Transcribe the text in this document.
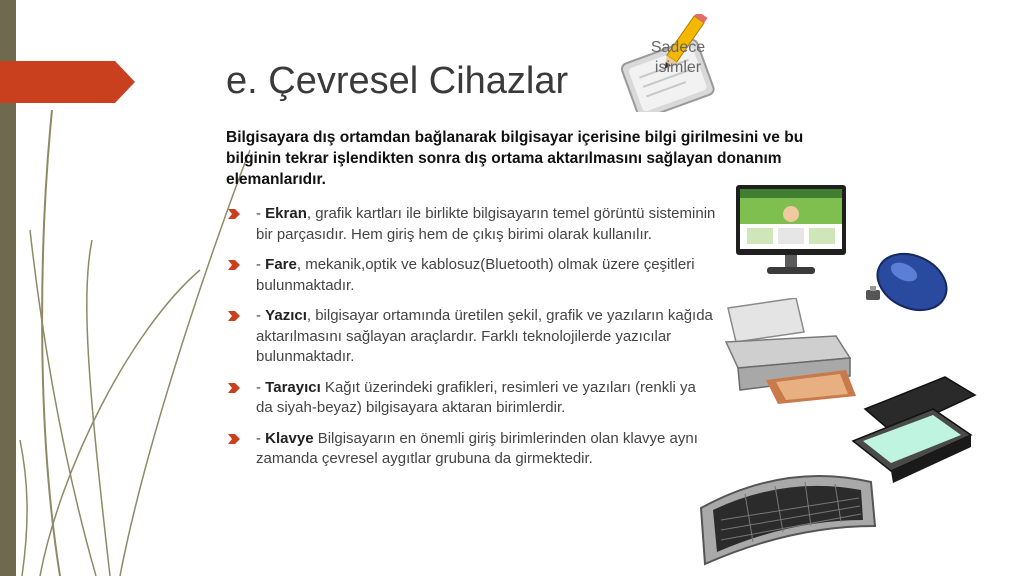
e. Çevresel Cihazlar
Sadece
isimler

Bilgisayara dış ortamdan bağlanarak bilgisayar içerisine bilgi girilmesini ve bu bilginin tekrar işlendikten sonra dış ortama aktarılmasını sağlayan donanım elemanlarıdır.

- Ekran, grafik kartları ile birlikte bilgisayarın temel görüntü sisteminin bir parçasıdır. Hem giriş hem de çıkış birimi olarak kullanılır.
- Fare, mekanik,optik ve kablosuz(Bluetooth) olmak üzere çeşitleri bulunmaktadır.
- Yazıcı, bilgisayar ortamında üretilen şekil, grafik ve yazıların kağıda aktarılmasını sağlayan araçlardır. Farklı teknolojilerde yazıcılar bulunmaktadır.
- Tarayıcı Kağıt üzerindeki grafikleri, resimleri ve yazıları (renkli ya da siyah-beyaz) bilgisayara aktaran birimlerdir.
- Klavye Bilgisayarın en önemli giriş birimlerinden olan klavye aynı zamanda çevresel aygıtlar grubuna da girmektedir.
